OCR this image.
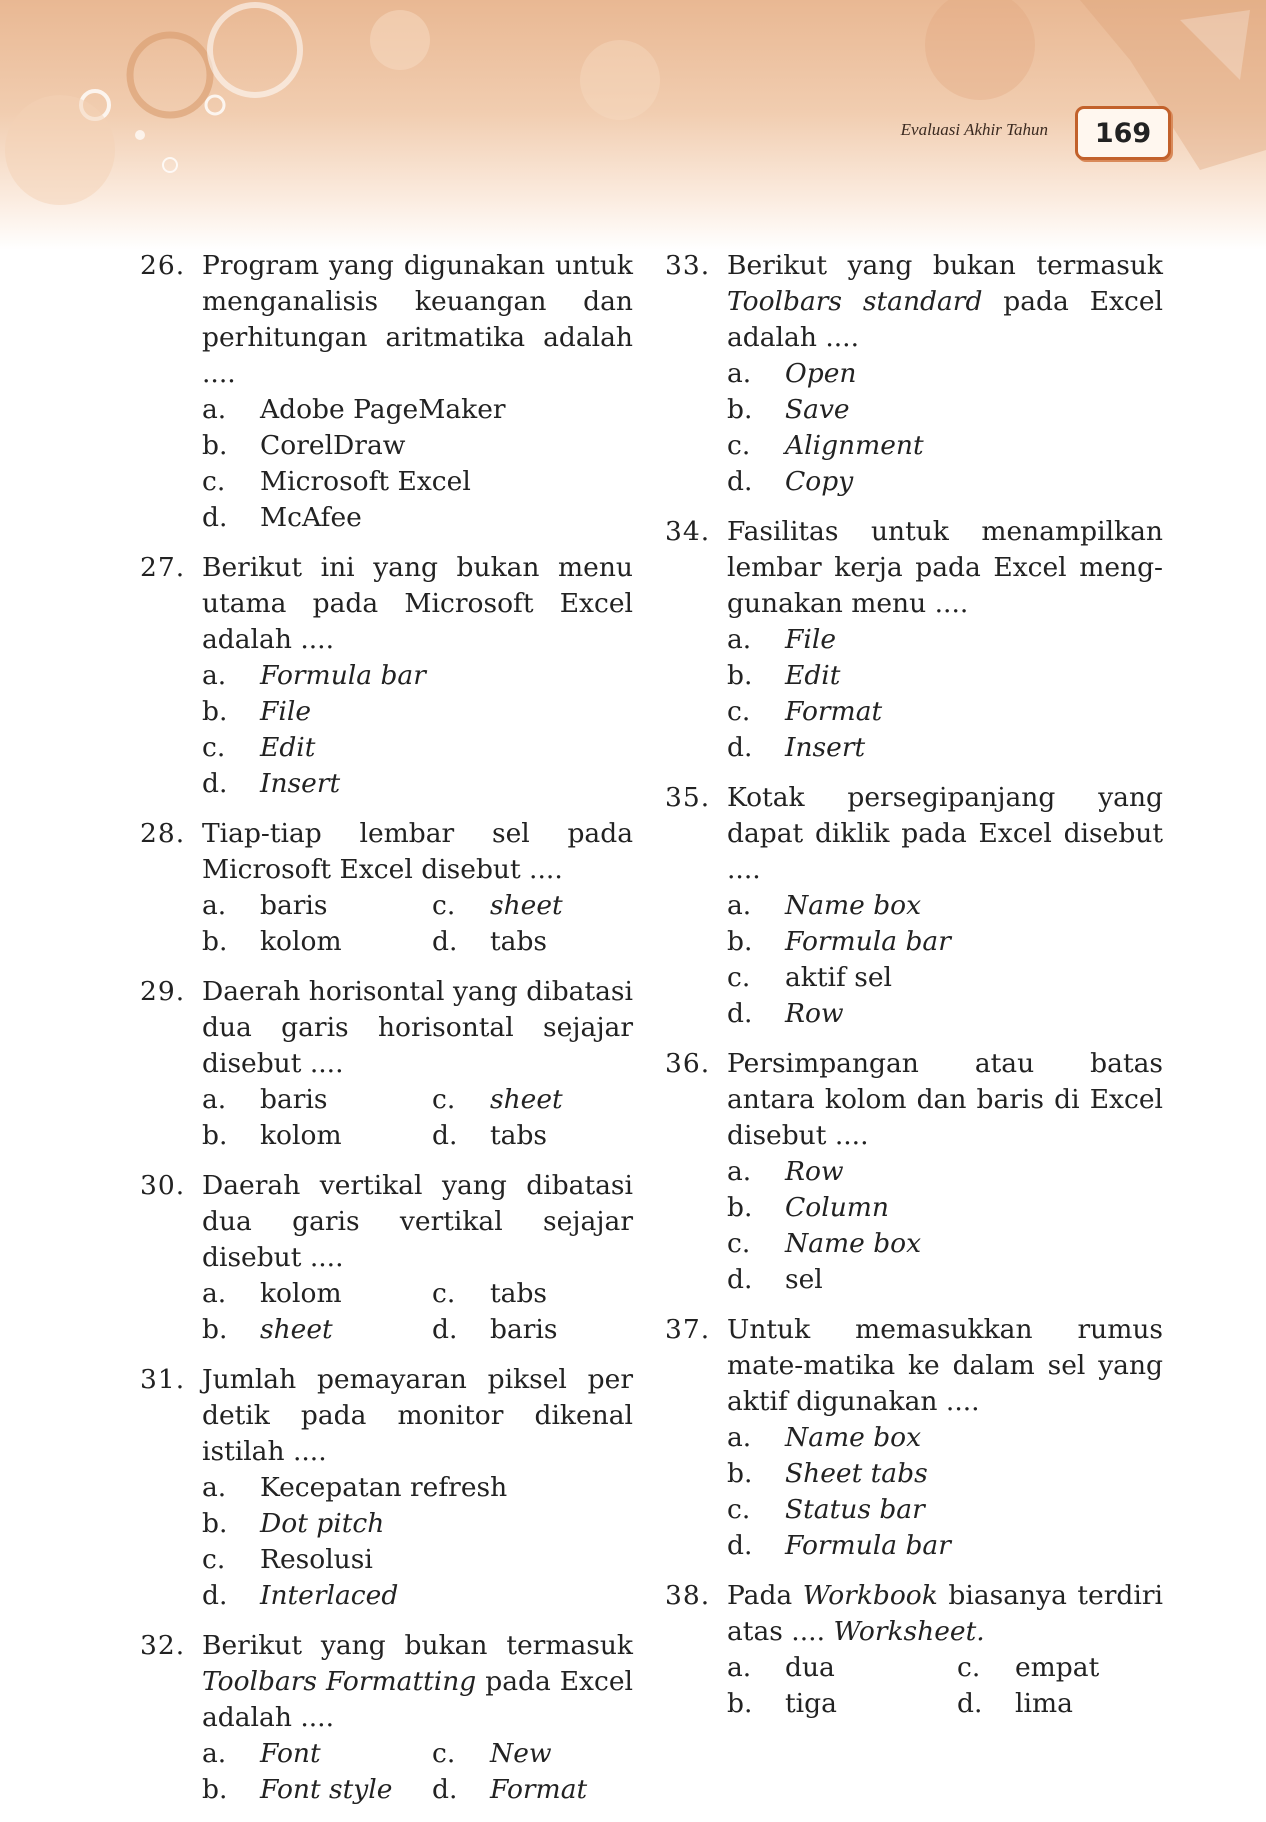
Evaluasi Akhir Tahun	169
26. Program yang digunakan untuk menganalisis keuangan dan perhitungan aritmatika adalah ....
a.	Adobe PageMaker
b.	CorelDraw
c.	Microsoft Excel
d.	McAfee
27. Berikut ini yang bukan menu utama pada Microsoft Excel adalah ....
a.	Formula bar
b.	File
c.	Edit
d.	Insert
28. Tiap-tiap lembar sel pada Microsoft Excel disebut ....
a.	baris	c.	sheet
b.	kolom	d.	tabs
29. Daerah horisontal yang dibatasi dua garis horisontal sejajar disebut ....
a.	baris	c.	sheet
b.	kolom	d.	tabs
30. Daerah vertikal yang dibatasi dua garis vertikal sejajar disebut ....
a.	kolom	c.	tabs
b.	sheet	d.	baris
31. Jumlah pemayaran piksel per detik pada monitor dikenal istilah ....
a.	Kecepatan refresh
b.	Dot pitch
c.	Resolusi
d.	Interlaced
32. Berikut yang bukan termasuk Toolbars Formatting pada Excel adalah ....
a.	Font	c.	New
b.	Font style d.	Format
33. Berikut yang bukan termasuk Toolbars standard pada Excel adalah ....
a.	Open
b.	Save
c.	Alignment
d.	Copy
34. Fasilitas untuk menampilkan lembar kerja pada Excel meng-gunakan menu ....
a.	File
b.	Edit
c.	Format
d.	Insert
35. Kotak persegipanjang yang dapat diklik pada Excel disebut ....
a.	Name box
b.	Formula bar
c.	aktif sel
d.	Row
36. Persimpangan atau batas antara kolom dan baris di Excel disebut ....
a.	Row
b.	Column
c.	Name box
d.	sel
37. Untuk memasukkan rumus mate-matika ke dalam sel yang aktif digunakan ....
a.	Name box
b.	Sheet tabs
c.	Status bar
d.	Formula bar
38. Pada Workbook biasanya terdiri atas .... Worksheet.
a.	dua	c.	empat
b.	tiga	d.	lima
